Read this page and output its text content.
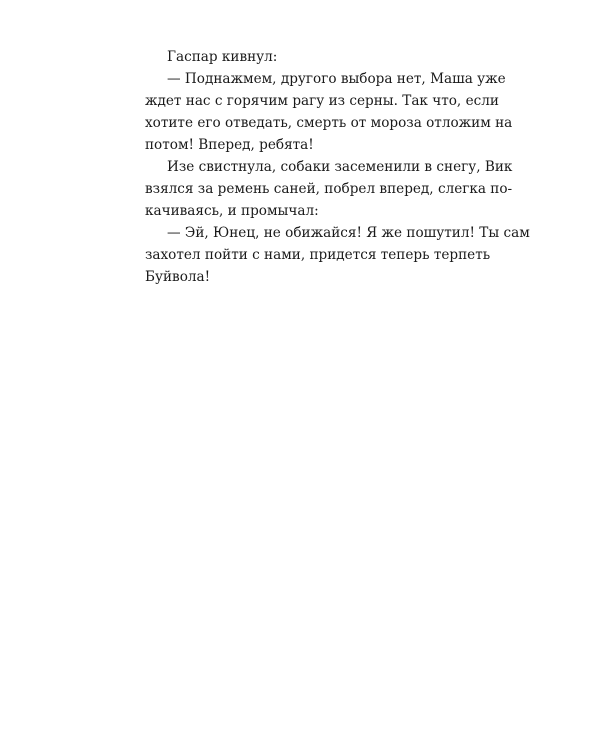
Гаспар кивнул:
— Поднажмем, другого выбора нет, Маша уже
ждет нас с горячим рагу из серны. Так что, если
хотите его отведать, смерть от мороза отложим на
потом! Вперед, ребята!
Изе свистнула, собаки засеменили в снегу, Вик
взялся за ремень саней, побрел вперед, слегка по-
качиваясь, и промычал:
— Эй, Юнец, не обижайся! Я же пошутил! Ты сам
захотел пойти с нами, придется теперь терпеть
Буйвола!
